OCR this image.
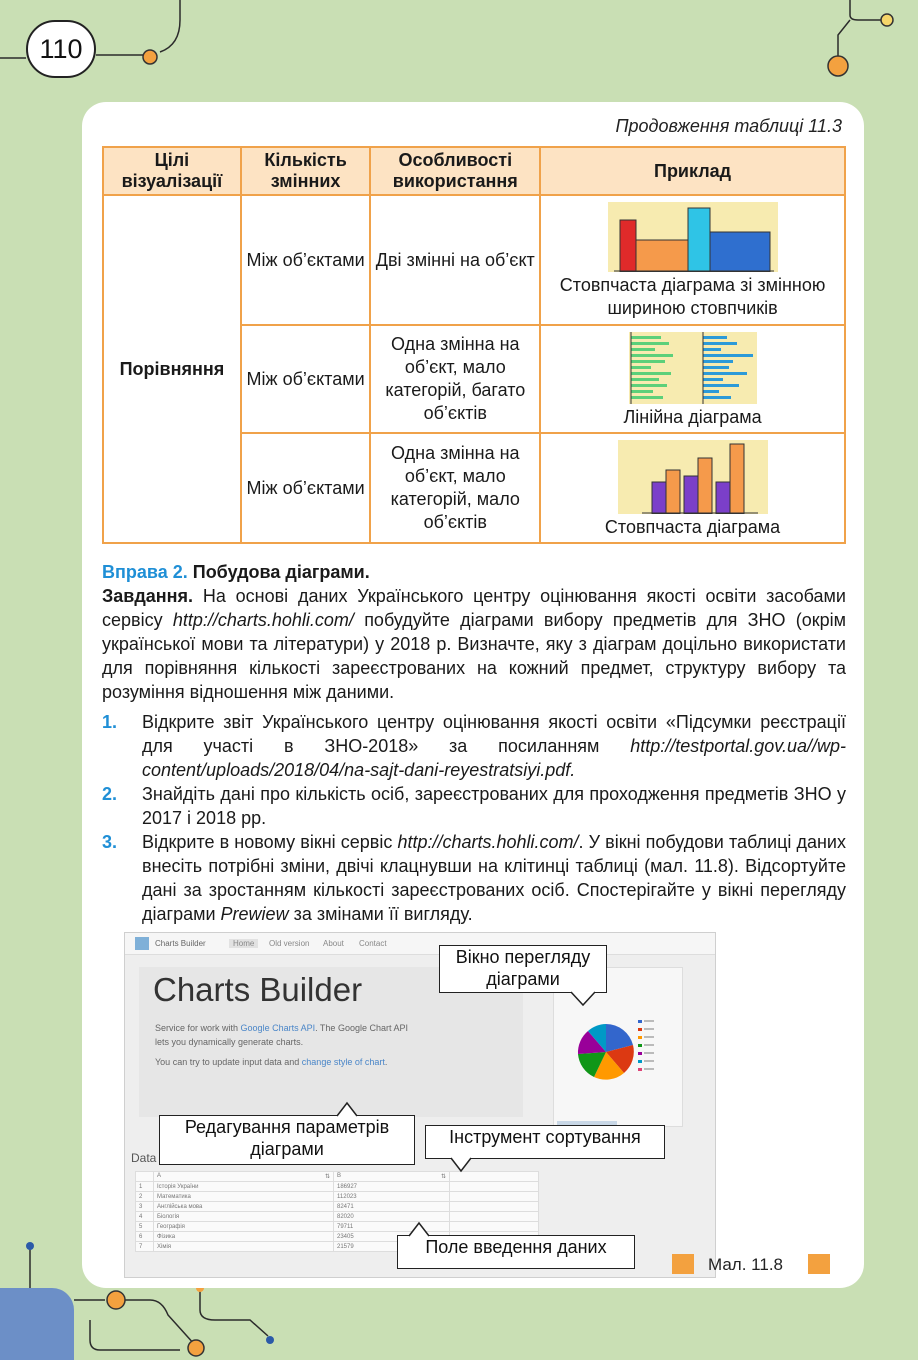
110
Продовження таблиці 11.3
Цілі візуалізації	Кількість змінних	Особливості використання	Приклад
Порівняння	Між об’єктами	Дві змінні на об’єкт	Стовпчаста діаграма зі змінною шириною стовпчиків

	Між об’єктами	Одна змінна на об’єкт, мало категорій, багато об’єктів	Лінійна діаграма

	Між об’єктами	Одна змінна на об’єкт, мало категорій, мало об’єктів	Стовпчаста діаграма
Вправа 2. Побудова діаграми.

Завдання. На основі даних Українського центру оцінювання якості освіти засобами сервісу http://charts.hohli.com/ побудуйте діаграми вибору предметів для ЗНО (окрім української мови та літератури) у 2018 р. Визначте, яку з діаграм доцільно використати для порівняння кількості зареєстрованих на кожний предмет, структуру вибору та розуміння відношення між даними.

1.	Відкрите звіт Українського центру оцінювання якості освіти «Підсумки реєстрації для участі в ЗНО-2018» за посиланням http://testportal.gov.ua//wp-content/uploads/2018/04/na-sajt-dani-reyestratsiyi.pdf.
2.	Знайдіть дані про кількість осіб, зареєстрованих для проходження предметів ЗНО у 2017 і 2018 рр.
3.	Відкрите в новому вікні сервіс http://charts.hohli.com/. У вікні побудови таблиці даних внесіть потрібні зміни, двічі клацнувши на клітинці таблиці (мал. 11.8). Відсортуйте дані за зростанням кількості зареєстрованих осіб. Спостерігайте у вікні перегляду діаграми Prewiew за змінами її вигляду.
Charts Builder	Home	Old version About Contact
Charts Builder
Service for work with Google Charts API. The Google Chart API
lets you dynamically generate charts.
You can try to update input data and change style of chart.
Data
	A ⇅	B ⇅	

1	Історія України	186927	
2	Математика	112023	
3	Англійська мова	82471	
4	Біологія	82020	
5	Географія	79711	
6	Фізика	23405	
7	Хімія	21579	
Вікно перегляду діаграми
Редагування параметрів діаграми
Інструмент сортування
Поле введення даних
Мал. 11.8
